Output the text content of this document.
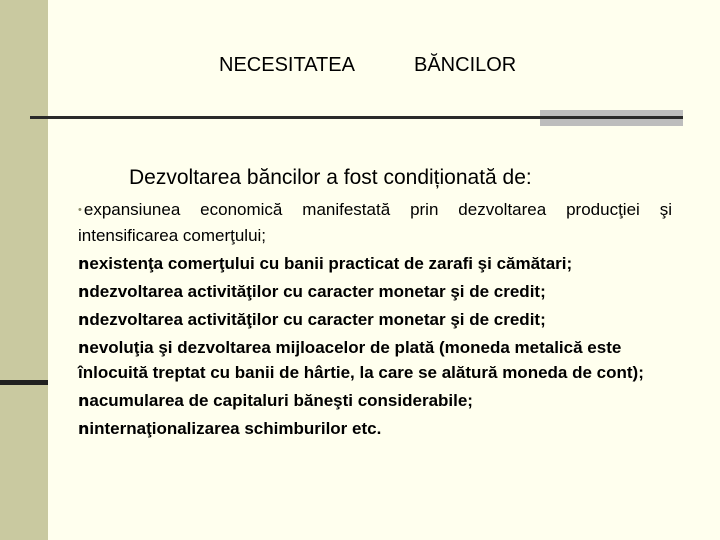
NECESITATEA	BĂNCILOR
Dezvoltarea băncilor a fost condiționată de:

• expansiunea economică manifestată prin dezvoltarea producţiei şi intensificarea comerţului;

nexistenţa comerţului cu banii practicat de zarafi şi cămătari;

ndezvoltarea activităţilor cu caracter monetar şi de credit;

ndezvoltarea activităţilor cu caracter monetar şi de credit;

nevoluţia şi dezvoltarea mijloacelor de plată (moneda metalică este înlocuită treptat cu banii de hârtie, la care se alătură moneda de cont);

nacumularea de capitaluri băneşti considerabile;

ninternaţionalizarea schimburilor etc.
